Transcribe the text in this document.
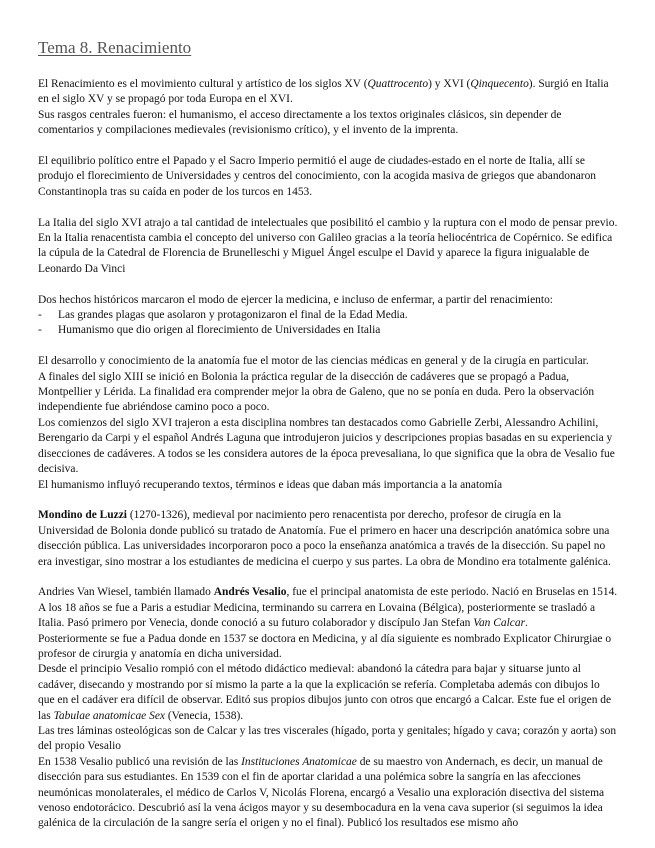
Tema 8. Renacimiento

El Renacimiento es el movimiento cultural y artístico de los siglos XV (Quattrocento) y XVI (Qinquecento). Surgió en Italia en el siglo XV y se propagó por toda Europa en el XVI.

Sus rasgos centrales fueron: el humanismo, el acceso directamente a los textos originales clásicos, sin depender de comentarios y compilaciones medievales (revisionismo crítico), y el invento de la imprenta.

El equilibrio político entre el Papado y el Sacro Imperio permitió el auge de ciudades-estado en el norte de Italia, allí se produjo el florecimiento de Universidades y centros del conocimiento, con la acogida masiva de griegos que abandonaron Constantinopla tras su caída en poder de los turcos en 1453.

La Italia del siglo XVI atrajo a tal cantidad de intelectuales que posibilitó el cambio y la ruptura con el modo de pensar previo. En la Italia renacentista cambia el concepto del universo con Galileo gracias a la teoría heliocéntrica de Copérnico. Se edifica la cúpula de la Catedral de Florencia de Brunelleschi y Miguel Ángel esculpe el David y aparece la figura inigualable de Leonardo Da Vinci

Dos hechos históricos marcaron el modo de ejercer la medicina, e incluso de enfermar, a partir del renacimiento:

-	Las grandes plagas que asolaron y protagonizaron el final de la Edad Media.
-	Humanismo que dio origen al florecimiento de Universidades en Italia

El desarrollo y conocimiento de la anatomía fue el motor de las ciencias médicas en general y de la cirugía en particular.

A finales del siglo XIII se inició en Bolonia la práctica regular de la disección de cadáveres que se propagó a Padua, Montpellier y Lérida. La finalidad era comprender mejor la obra de Galeno, que no se ponía en duda. Pero la observación independiente fue abriéndose camino poco a poco.

Los comienzos del siglo XVI trajeron a esta disciplina nombres tan destacados como Gabrielle Zerbi, Alessandro Achilini, Berengario da Carpi y el español Andrés Laguna que introdujeron juicios y descripciones propias basadas en su experiencia y disecciones de cadáveres. A todos se les considera autores de la época prevesaliana, lo que significa que la obra de Vesalio fue decisiva.

El humanismo influyó recuperando textos, términos e ideas que daban más importancia a la anatomía

Mondino de Luzzi (1270-1326), medieval por nacimiento pero renacentista por derecho, profesor de cirugía en la Universidad de Bolonia donde publicó su tratado de Anatomía. Fue el primero en hacer una descripción anatómica sobre una disección pública. Las universidades incorporaron poco a poco la enseñanza anatómica a través de la disección. Su papel no era investigar, sino mostrar a los estudiantes de medicina el cuerpo y sus partes. La obra de Mondino era totalmente galénica.

Andries Van Wiesel, también llamado Andrés Vesalio, fue el principal anatomista de este periodo. Nació en Bruselas en 1514. A los 18 años se fue a Paris a estudiar Medicina, terminando su carrera en Lovaina (Bélgica), posteriormente se trasladó a Italia. Pasó primero por Venecia, donde conoció a su futuro colaborador y discípulo Jan Stefan Van Calcar.

Posteriormente se fue a Padua donde en 1537 se doctora en Medicina, y al día siguiente es nombrado Explicator Chirurgiae o profesor de cirurgia y anatomía en dicha universidad.

Desde el principio Vesalio rompió con el método didáctico medieval: abandonó la cátedra para bajar y situarse junto al cadáver, disecando y mostrando por sí mismo la parte a la que la explicación se refería. Completaba además con dibujos lo que en el cadáver era difícil de observar. Editó sus propios dibujos junto con otros que encargó a Calcar. Este fue el origen de las Tabulae anatomicae Sex (Venecia, 1538).

Las tres láminas osteológicas son de Calcar y las tres viscerales (hígado, porta y genitales; hígado y cava; corazón y aorta) son del propio Vesalio

En 1538 Vesalio publicó una revisión de las Instituciones Anatomicae de su maestro von Andernach, es decir, un manual de disección para sus estudiantes. En 1539 con el fin de aportar claridad a una polémica sobre la sangría en las afecciones neumónicas monolaterales, el médico de Carlos V, Nicolás Florena, encargó a Vesalio una exploración disectiva del sistema venoso endotorácico. Descubrió así la vena ácigos mayor y su desembocadura en la vena cava superior (si seguimos la idea galénica de la circulación de la sangre sería el origen y no el final). Publicó los resultados ese mismo año
